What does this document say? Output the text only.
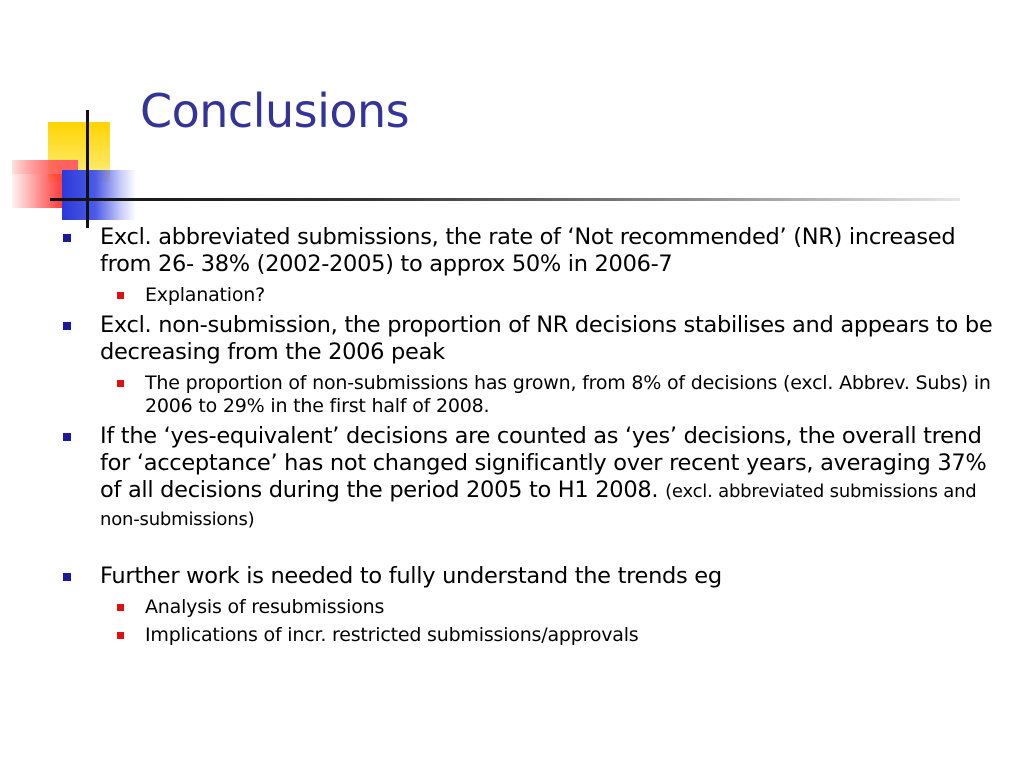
Conclusions
Excl. abbreviated submissions, the rate of ‘Not recommended’ (NR) increased from 26- 38% (2002-2005) to approx 50% in 2006-7
Explanation?
Excl. non-submission, the proportion of NR decisions stabilises and appears to be decreasing from the 2006 peak
The proportion of non-submissions has grown, from 8% of decisions (excl. Abbrev. Subs) in 2006 to 29% in the first half of 2008.
If the ‘yes-equivalent’ decisions are counted as ‘yes’ decisions, the overall trend for ‘acceptance’ has not changed significantly over recent years, averaging 37% of all decisions during the period 2005 to H1 2008. (excl. abbreviated submissions and non-submissions)
Further work is needed to fully understand the trends eg
Analysis of resubmissions
Implications of incr. restricted submissions/approvals
